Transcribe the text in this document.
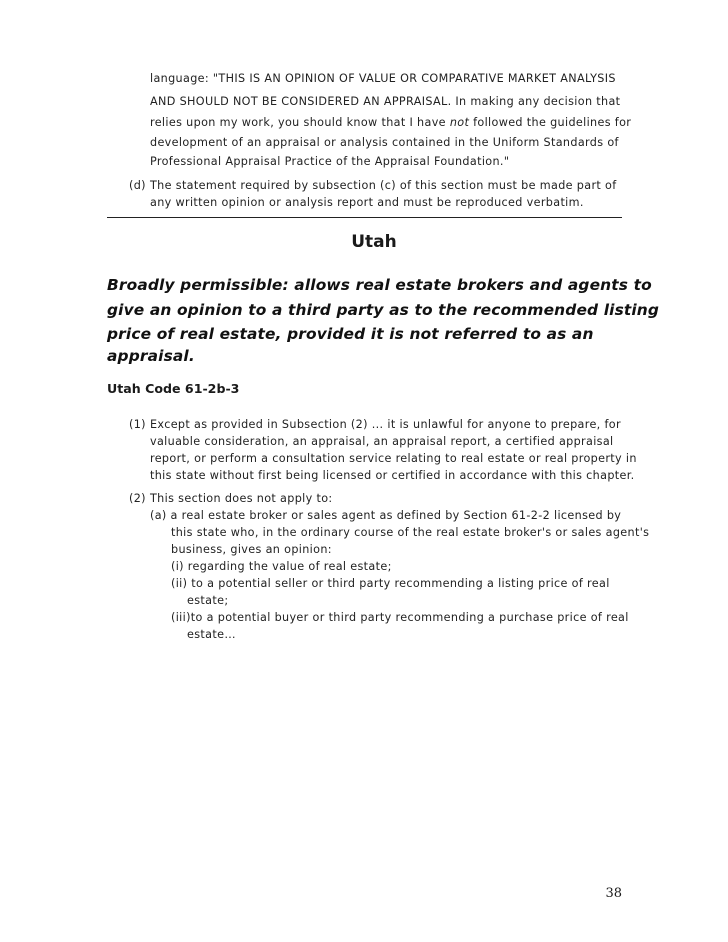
language: "THIS IS AN OPINION OF VALUE OR COMPARATIVE MARKET ANALYSIS
AND SHOULD NOT BE CONSIDERED AN APPRAISAL. In making any decision that
relies upon my work, you should know that I have not followed the guidelines for
development of an appraisal or analysis contained in the Uniform Standards of
Professional Appraisal Practice of the Appraisal Foundation."
(d) The statement required by subsection (c) of this section must be made part of
any written opinion or analysis report and must be reproduced verbatim.
Utah
Broadly permissible: allows real estate brokers and agents to
give an opinion to a third party as to the recommended listing
price of real estate, provided it is not referred to as an
appraisal.
Utah Code 61-2b-3
(1) Except as provided in Subsection (2) ... it is unlawful for anyone to prepare, for
valuable consideration, an appraisal, an appraisal report, a certified appraisal
report, or perform a consultation service relating to real estate or real property in
this state without first being licensed or certified in accordance with this chapter.
(2) This section does not apply to:
(a) a real estate broker or sales agent as defined by Section 61-2-2 licensed by
this state who, in the ordinary course of the real estate broker's or sales agent's
business, gives an opinion:
(i) regarding the value of real estate;
(ii) to a potential seller or third party recommending a listing price of real
estate;
(iii)to a potential buyer or third party recommending a purchase price of real
estate…
38
